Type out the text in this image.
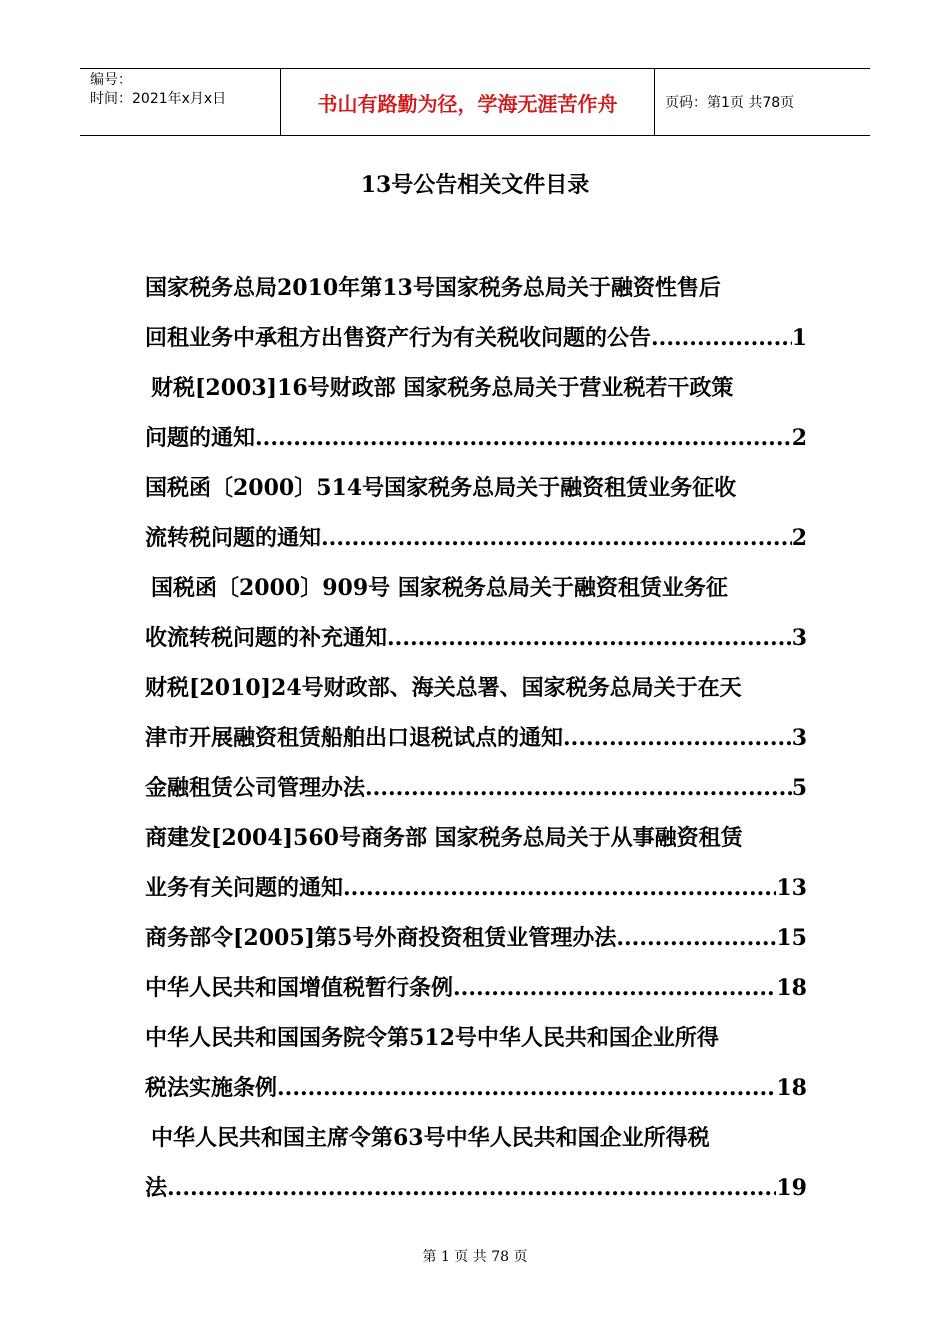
编号：
时间：2021年x月x日	书山有路勤为径，学海无涯苦作舟	页码：第1页 共78页
13号公告相关文件目录
国家税务总局2010年第13号国家税务总局关于融资性售后
回租业务中承租方出售资产行为有关税收问题的公告 .....	1
财税[2003]16号财政部 国家税务总局关于营业税若干政策
问题的通知 .....	2
国税函〔2000〕514号国家税务总局关于融资租赁业务征收
流转税问题的通知 .....	2
国税函〔2000〕909号 国家税务总局关于融资租赁业务征
收流转税问题的补充通知 .....	3
财税[2010]24号财政部、海关总署、国家税务总局关于在天
津市开展融资租赁船舶出口退税试点的通知 .....	3
金融租赁公司管理办法 .....	5
商建发[2004]560号商务部 国家税务总局关于从事融资租赁
业务有关问题的通知 .....	13
商务部令[2005]第5号外商投资租赁业管理办法 .....	15
中华人民共和国增值税暂行条例 .....	18
中华人民共和国国务院令第512号中华人民共和国企业所得
税法实施条例 .....	18
中华人民共和国主席令第63号中华人民共和国企业所得税
法 .....	19
第 1 页 共 78 页
